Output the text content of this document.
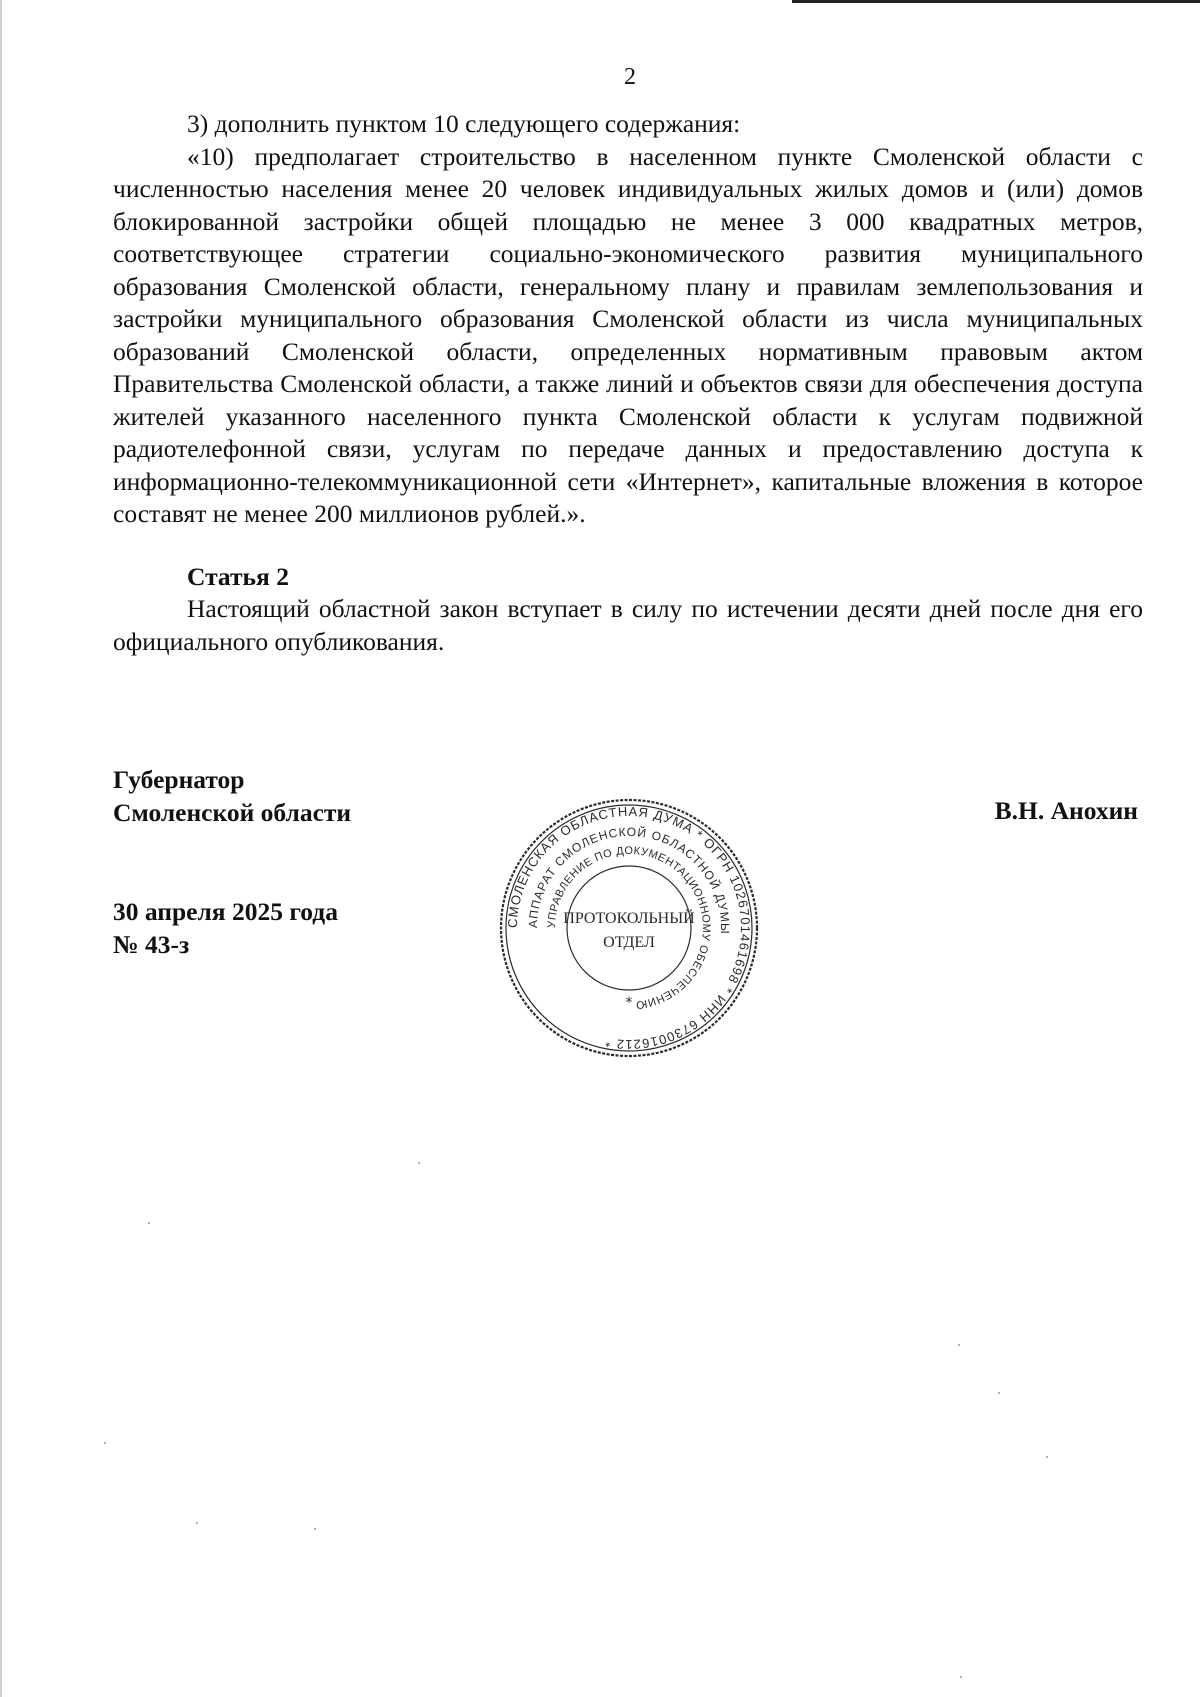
2

3) дополнить пунктом 10 следующего содержания:

«10) предполагает строительство в населенном пункте Смоленской области с численностью населения менее 20 человек индивидуальных жилых домов и (или) домов блокированной застройки общей площадью не менее 3 000 квадратных метров, соответствующее стратегии социально-экономического развития муниципального образования Смоленской области, генеральному плану и правилам землепользования и застройки муниципального образования Смоленской области из числа муниципальных образований Смоленской области, определенных нормативным правовым актом Правительства Смоленской области, а также линий и объектов связи для обеспечения доступа жителей указанного населенного пункта Смоленской области к услугам подвижной радиотелефонной связи, услугам по передаче данных и предоставлению доступа к информационно-телекоммуникационной сети «Интернет», капитальные вложения в которое составят не менее 200 миллионов рублей.».

Статья 2

Настоящий областной закон вступает в силу по истечении десяти дней после дня его официального опубликования.

Губернатор
Смоленской области	В.Н. Анохин
30 апреля 2025 года
№ 43-з
СМОЛЕНСКАЯ ОБЛАСТНАЯ ДУМА * ОГРН 1026701461698 * ИНН 6730016212 *
АППАРАТ СМОЛЕНСКОЙ ОБЛАСТНОЙ ДУМЫ
УПРАВЛЕНИЕ ПО ДОКУМЕНТАЦИОННОМУ ОБЕСПЕЧЕНИЮ
ПРОТОКОЛЬНЫЙ
ОТДЕЛ
*
